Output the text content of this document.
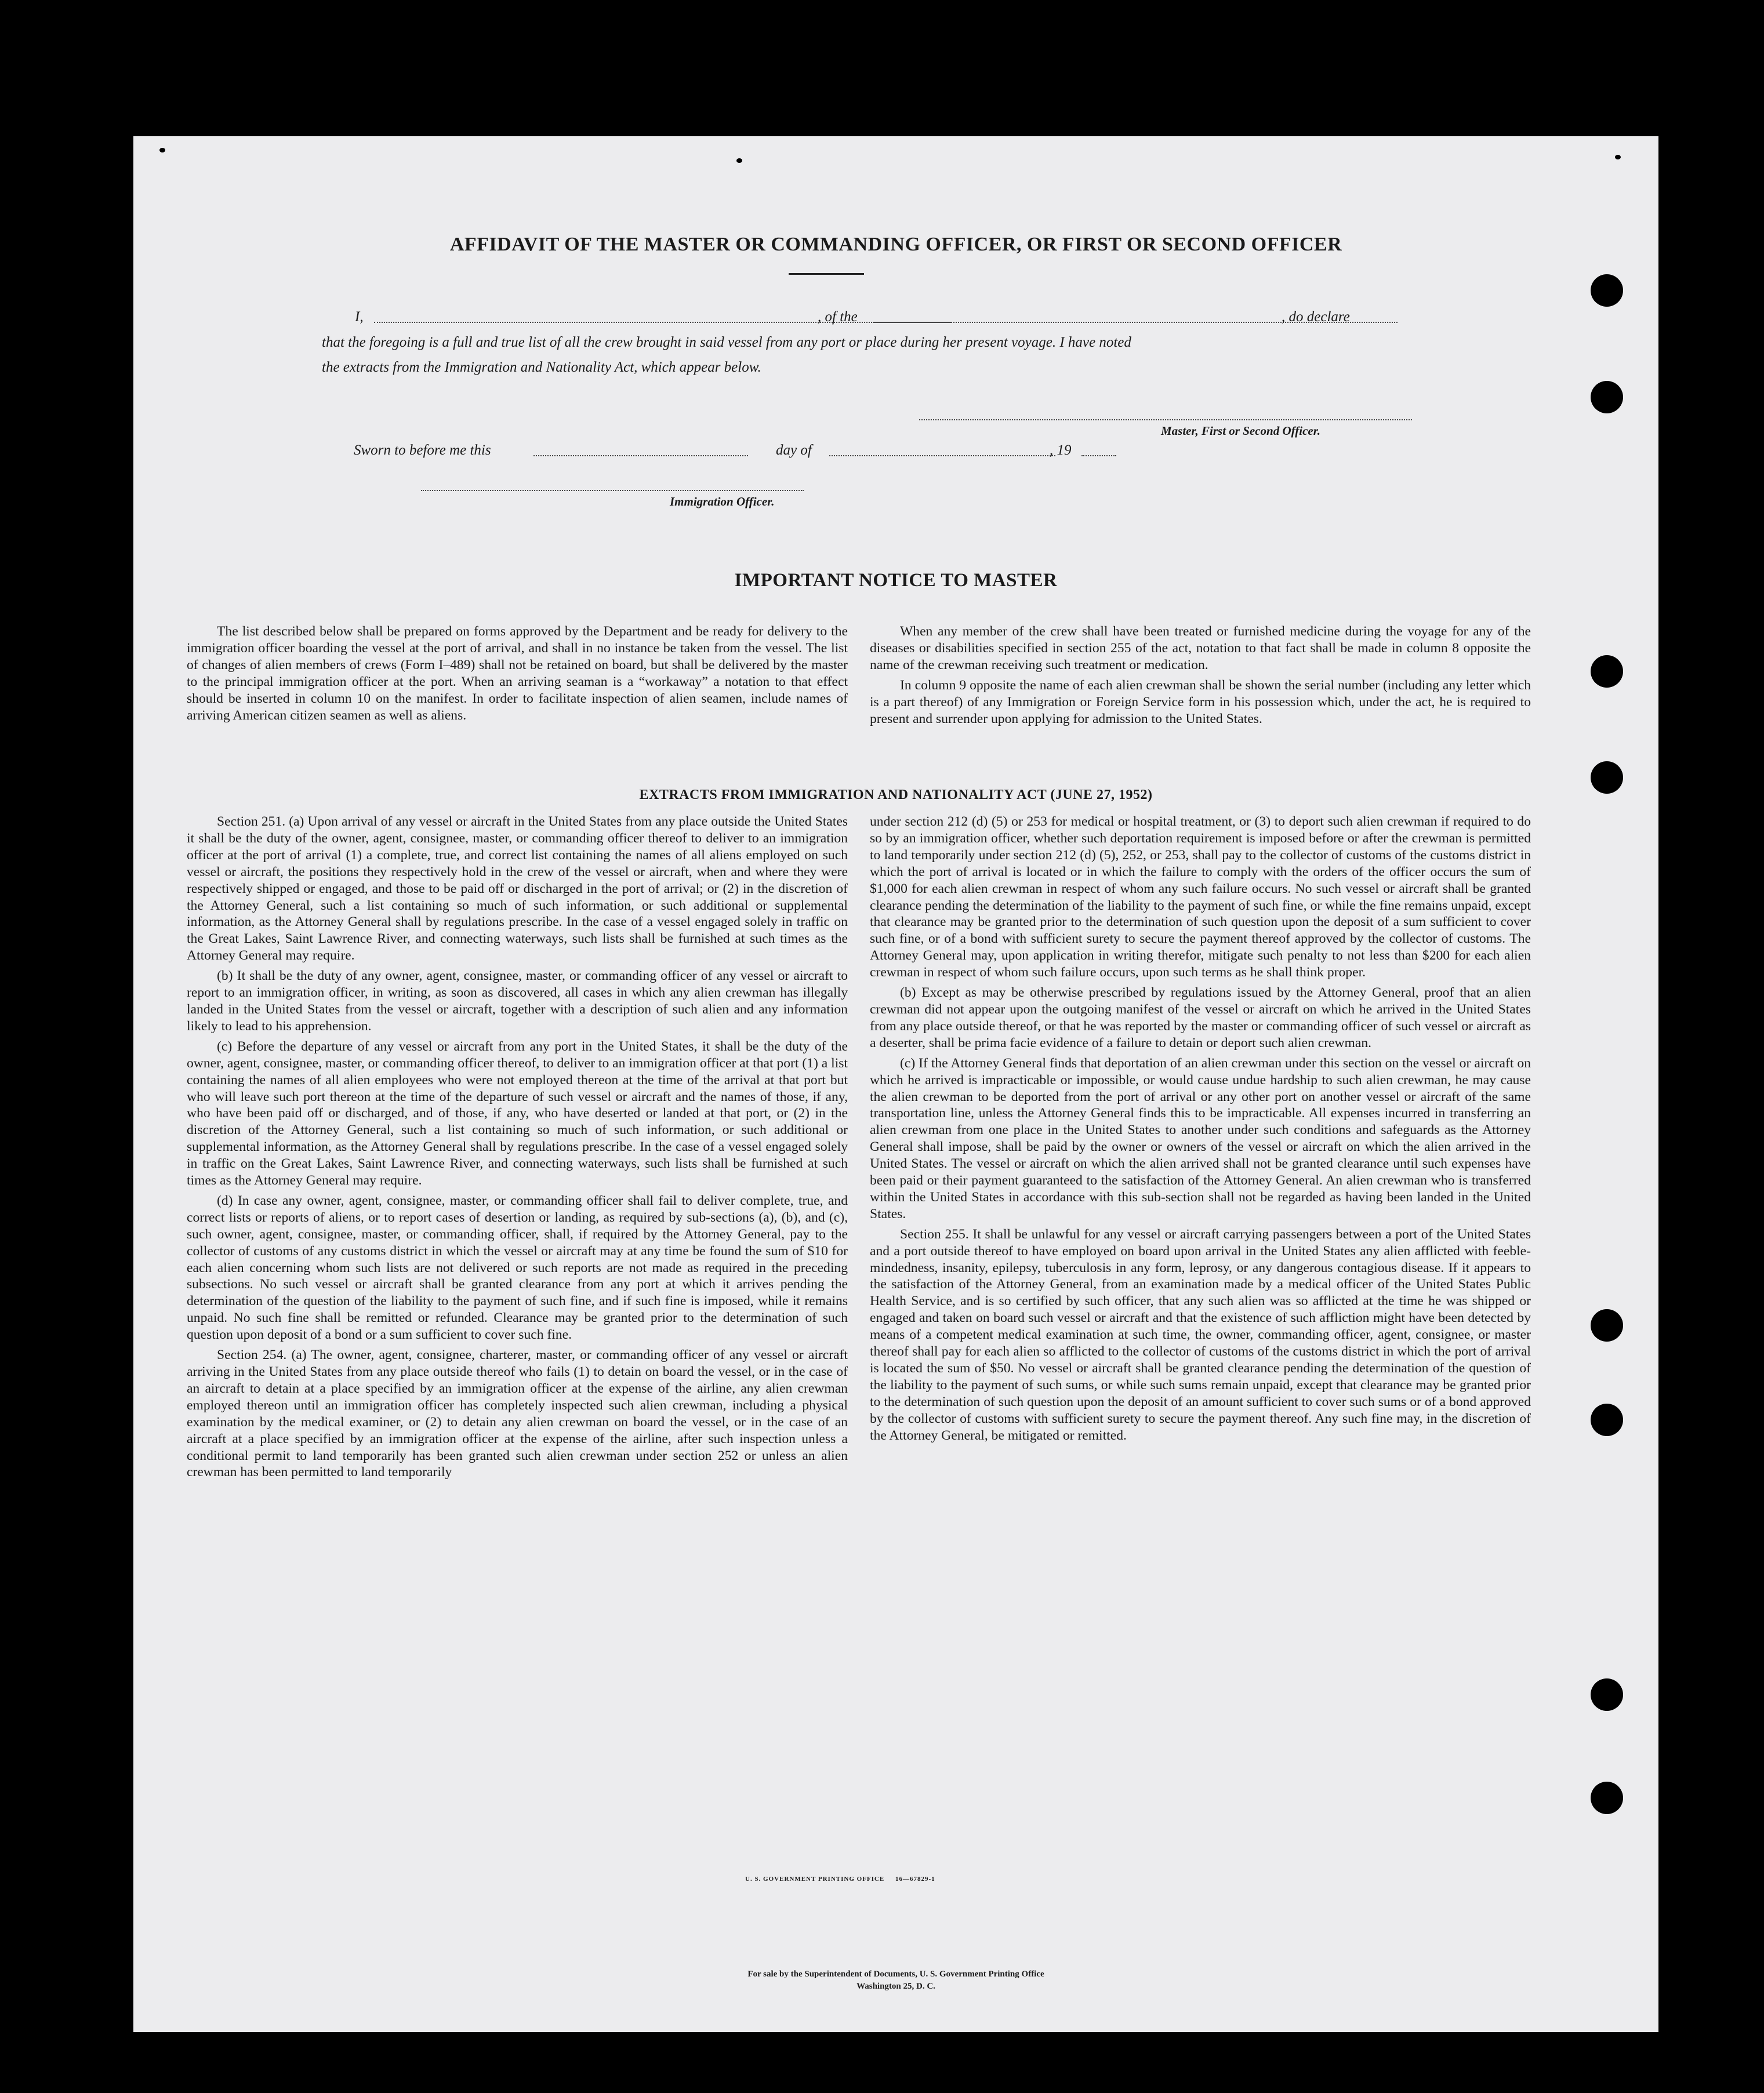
AFFIDAVIT OF THE MASTER OR COMMANDING OFFICER, OR FIRST OR SECOND OFFICER
I,	, of the	, do declare
that the foregoing is a full and true list of all the crew brought in said vessel from any port or place during her present voyage. I have noted
the extracts from the Immigration and Nationality Act, which appear below.
Master, First or Second Officer.
Sworn to before me this	day of	, 19
Immigration Officer.
IMPORTANT NOTICE TO MASTER

The list described below shall be prepared on forms approved by the Department and be ready for delivery to the immigration officer boarding the vessel at the port of arrival, and shall in no instance be taken from the vessel. The list of changes of alien members of crews (Form I–489) shall not be retained on board, but shall be delivered by the master to the principal immigration officer at the port. When an arriving seaman is a “workaway” a notation to that effect should be inserted in column 10 on the manifest. In order to facilitate inspection of alien seamen, include names of arriving American citizen seamen as well as aliens.

When any member of the crew shall have been treated or furnished medicine during the voyage for any of the diseases or disabilities specified in section 255 of the act, notation to that fact shall be made in column 8 opposite the name of the crewman receiving such treatment or medication.

In column 9 opposite the name of each alien crewman shall be shown the serial number (including any letter which is a part thereof) of any Immigration or Foreign Service form in his possession which, under the act, he is required to present and surrender upon applying for admission to the United States.

EXTRACTS FROM IMMIGRATION AND NATIONALITY ACT (JUNE 27, 1952)

Section 251. (a) Upon arrival of any vessel or aircraft in the United States from any place outside the United States it shall be the duty of the owner, agent, consignee, master, or commanding officer thereof to deliver to an immigration officer at the port of arrival (1) a complete, true, and correct list containing the names of all aliens employed on such vessel or aircraft, the positions they respectively hold in the crew of the vessel or aircraft, when and where they were respectively shipped or engaged, and those to be paid off or discharged in the port of arrival; or (2) in the discretion of the Attorney General, such a list containing so much of such information, or such additional or supplemental information, as the Attorney General shall by regulations prescribe. In the case of a vessel engaged solely in traffic on the Great Lakes, Saint Lawrence River, and connecting waterways, such lists shall be furnished at such times as the Attorney General may require.

(b) It shall be the duty of any owner, agent, consignee, master, or commanding officer of any vessel or aircraft to report to an immigration officer, in writing, as soon as discovered, all cases in which any alien crewman has illegally landed in the United States from the vessel or aircraft, together with a description of such alien and any information likely to lead to his apprehension.

(c) Before the departure of any vessel or aircraft from any port in the United States, it shall be the duty of the owner, agent, consignee, master, or commanding officer thereof, to deliver to an immigration officer at that port (1) a list containing the names of all alien employees who were not employed thereon at the time of the arrival at that port but who will leave such port thereon at the time of the departure of such vessel or aircraft and the names of those, if any, who have been paid off or discharged, and of those, if any, who have deserted or landed at that port, or (2) in the discretion of the Attorney General, such a list containing so much of such information, or such additional or supplemental information, as the Attorney General shall by regulations prescribe. In the case of a vessel engaged solely in traffic on the Great Lakes, Saint Lawrence River, and connecting waterways, such lists shall be furnished at such times as the Attorney General may require.

(d) In case any owner, agent, consignee, master, or commanding officer shall fail to deliver complete, true, and correct lists or reports of aliens, or to report cases of desertion or landing, as required by sub-sections (a), (b), and (c), such owner, agent, consignee, master, or commanding officer, shall, if required by the Attorney General, pay to the collector of customs of any customs district in which the vessel or aircraft may at any time be found the sum of $10 for each alien concerning whom such lists are not delivered or such reports are not made as required in the preceding subsections. No such vessel or aircraft shall be granted clearance from any port at which it arrives pending the determination of the question of the liability to the payment of such fine, and if such fine is imposed, while it remains unpaid. No such fine shall be remitted or refunded. Clearance may be granted prior to the determination of such question upon deposit of a bond or a sum sufficient to cover such fine.

Section 254. (a) The owner, agent, consignee, charterer, master, or commanding officer of any vessel or aircraft arriving in the United States from any place outside thereof who fails (1) to detain on board the vessel, or in the case of an aircraft to detain at a place specified by an immigration officer at the expense of the airline, any alien crewman employed thereon until an immigration officer has completely inspected such alien crewman, including a physical examination by the medical examiner, or (2) to detain any alien crewman on board the vessel, or in the case of an aircraft at a place specified by an immigration officer at the expense of the airline, after such inspection unless a conditional permit to land temporarily has been granted such alien crewman under section 252 or unless an alien crewman has been permitted to land temporarily

under section 212 (d) (5) or 253 for medical or hospital treatment, or (3) to deport such alien crewman if required to do so by an immigration officer, whether such deportation requirement is imposed before or after the crewman is permitted to land temporarily under section 212 (d) (5), 252, or 253, shall pay to the collector of customs of the customs district in which the port of arrival is located or in which the failure to comply with the orders of the officer occurs the sum of $1,000 for each alien crewman in respect of whom any such failure occurs. No such vessel or aircraft shall be granted clearance pending the determination of the liability to the payment of such fine, or while the fine remains unpaid, except that clearance may be granted prior to the determination of such question upon the deposit of a sum sufficient to cover such fine, or of a bond with sufficient surety to secure the payment thereof approved by the collector of customs. The Attorney General may, upon application in writing therefor, mitigate such penalty to not less than $200 for each alien crewman in respect of whom such failure occurs, upon such terms as he shall think proper.

(b) Except as may be otherwise prescribed by regulations issued by the Attorney General, proof that an alien crewman did not appear upon the outgoing manifest of the vessel or aircraft on which he arrived in the United States from any place outside thereof, or that he was reported by the master or commanding officer of such vessel or aircraft as a deserter, shall be prima facie evidence of a failure to detain or deport such alien crewman.

(c) If the Attorney General finds that deportation of an alien crewman under this section on the vessel or aircraft on which he arrived is impracticable or impossible, or would cause undue hardship to such alien crewman, he may cause the alien crewman to be deported from the port of arrival or any other port on another vessel or aircraft of the same transportation line, unless the Attorney General finds this to be impracticable. All expenses incurred in transferring an alien crewman from one place in the United States to another under such conditions and safeguards as the Attorney General shall impose, shall be paid by the owner or owners of the vessel or aircraft on which the alien arrived in the United States. The vessel or aircraft on which the alien arrived shall not be granted clearance until such expenses have been paid or their payment guaranteed to the satisfaction of the Attorney General. An alien crewman who is transferred within the United States in accordance with this sub-section shall not be regarded as having been landed in the United States.

Section 255. It shall be unlawful for any vessel or aircraft carrying passengers between a port of the United States and a port outside thereof to have employed on board upon arrival in the United States any alien afflicted with feeble-mindedness, insanity, epilepsy, tuberculosis in any form, leprosy, or any dangerous contagious disease. If it appears to the satisfaction of the Attorney General, from an examination made by a medical officer of the United States Public Health Service, and is so certified by such officer, that any such alien was so afflicted at the time he was shipped or engaged and taken on board such vessel or aircraft and that the existence of such affliction might have been detected by means of a competent medical examination at such time, the owner, commanding officer, agent, consignee, or master thereof shall pay for each alien so afflicted to the collector of customs of the customs district in which the port of arrival is located the sum of $50. No vessel or aircraft shall be granted clearance pending the determination of the question of the liability to the payment of such sums, or while such sums remain unpaid, except that clearance may be granted prior to the determination of such question upon the deposit of an amount sufficient to cover such sums or of a bond approved by the collector of customs with sufficient surety to secure the payment thereof. Any such fine may, in the discretion of the Attorney General, be mitigated or remitted.

U. S. GOVERNMENT PRINTING OFFICE     16—67829-1
For sale by the Superintendent of Documents, U. S. Government Printing Office
Washington 25, D. C.
